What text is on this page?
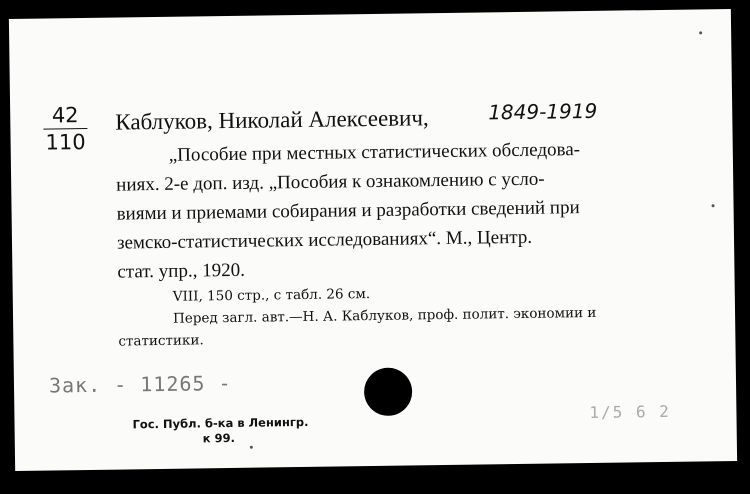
42
110
Каблуков, Николай Алексеевич,	1849-1919
„Пособие при местных статистических обследова-
ниях. 2-е доп. изд. „Пособия к ознакомлению с усло-
виями и приемами собирания и разработки сведений при
земско-статистических исследованиях“. М., Центр.
стат. упр., 1920.
VIII, 150 стр., с табл. 26 см.
Перед загл. авт.—Н. А. Каблуков, проф. полит. экономии и
статистики.
Зак. - 11265 -
1/5 6 2
Гос. Публ. б-ка в Ленингр.
к 99.
